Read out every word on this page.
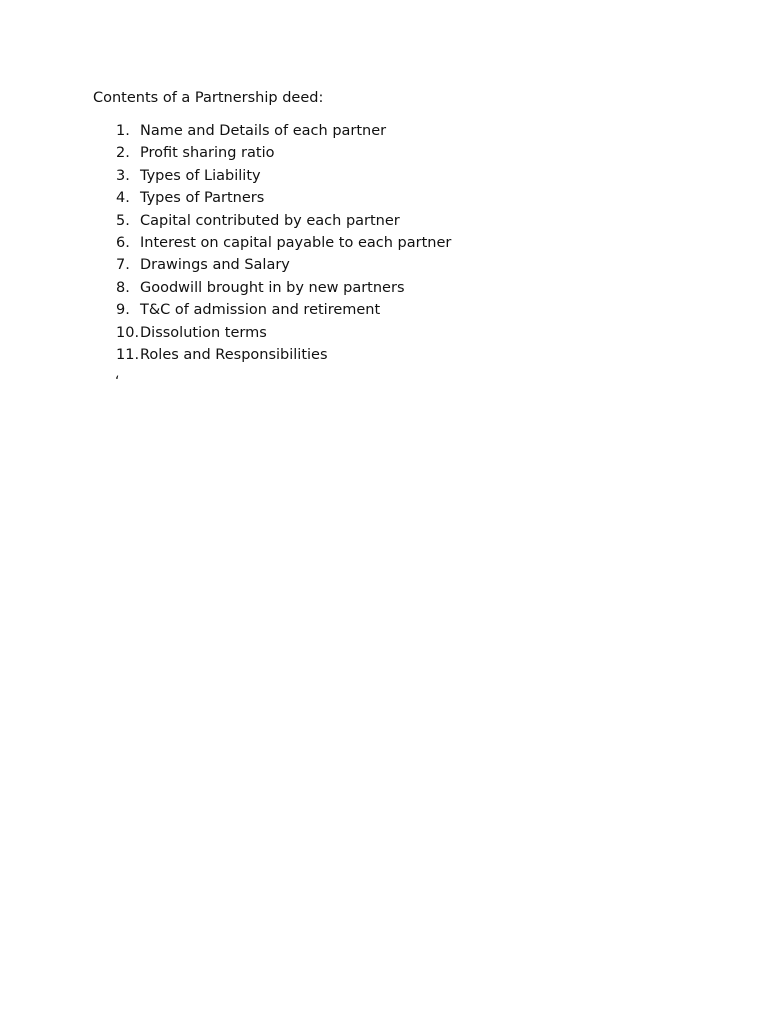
Contents of a Partnership deed:
1. Name and Details of each partner
2. Profit sharing ratio
3. Types of Liability
4. Types of Partners
5. Capital contributed by each partner
6. Interest on capital payable to each partner
7. Drawings and Salary
8. Goodwill brought in by new partners
9. T&C of admission and retirement
10. Dissolution terms
11. Roles and Responsibilities
‘
